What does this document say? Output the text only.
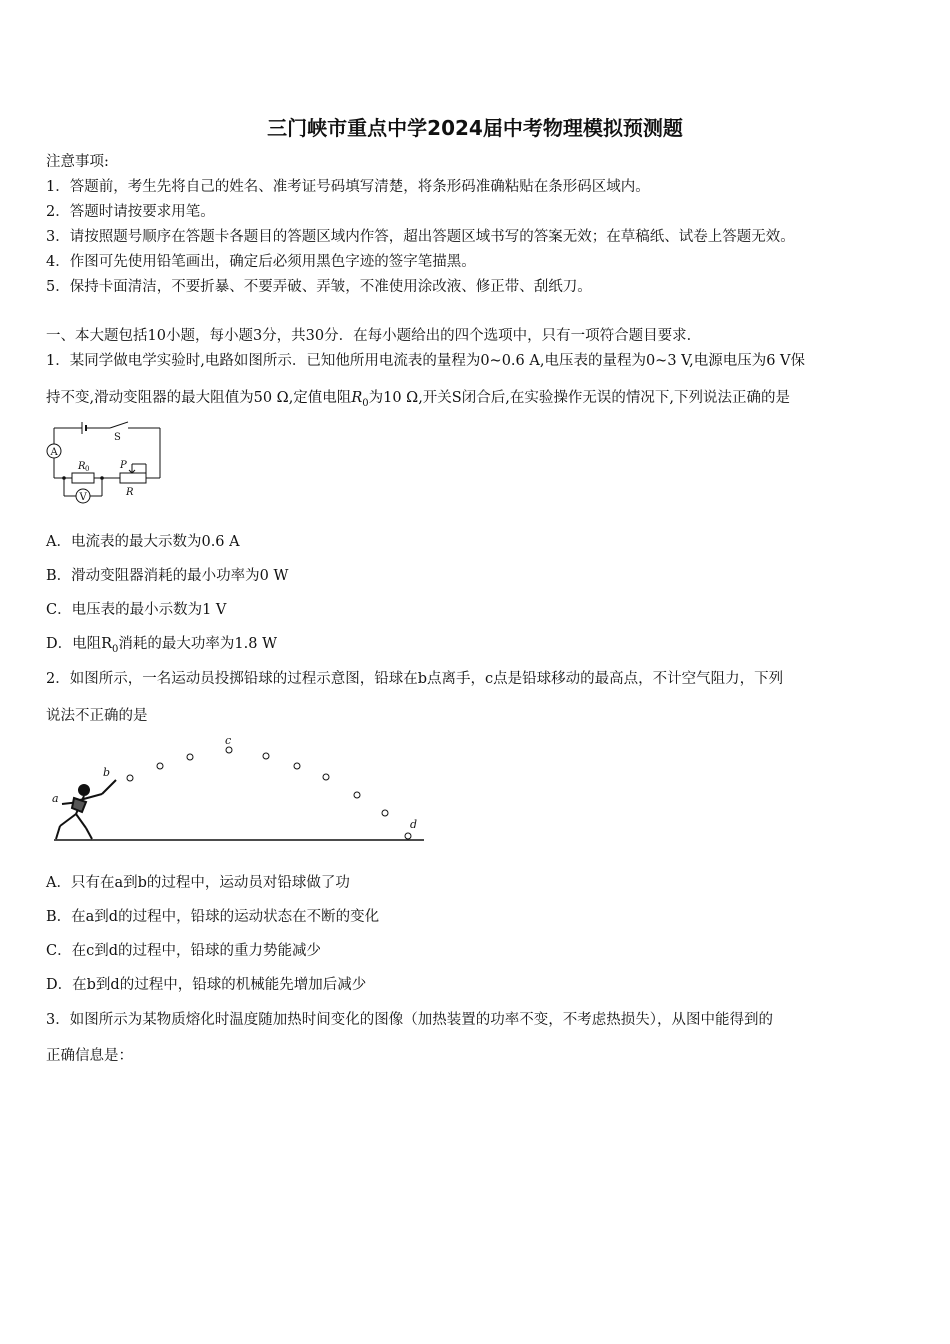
三门峡市重点中学2024届中考物理模拟预测题
注意事项:
1．答题前，考生先将自己的姓名、准考证号码填写清楚，将条形码准确粘贴在条形码区域内。
2．答题时请按要求用笔。
3．请按照题号顺序在答题卡各题目的答题区域内作答，超出答题区域书写的答案无效；在草稿纸、试卷上答题无效。
4．作图可先使用铅笔画出，确定后必须用黑色字迹的签字笔描黑。
5．保持卡面清洁，不要折暴、不要弄破、弄皱，不准使用涂改液、修正带、刮纸刀。
一、本大题包括10小题，每小题3分，共30分．在每小题给出的四个选项中，只有一项符合题目要求．
1．某同学做电学实验时,电路如图所示．已知他所用电流表的量程为0~0.6 A,电压表的量程为0~3 V,电源电压为6 V保
持不变,滑动变阻器的最大阻值为50 Ω,定值电阻$R_0$为10 Ω,开关S闭合后,在实验操作无误的情况下,下列说法正确的是
A
V
S
R 0	P
R
A．电流表的最大示数为0.6 A
B．滑动变阻器消耗的最小功率为0 W
C．电压表的最小示数为1 V
D．电阻$R_0$消耗的最大功率为1.8 W
2．如图所示，一名运动员投掷铅球的过程示意图，铅球在b点离手，c点是铅球移动的最高点，不计空气阻力，下列
说法不正确的是
a
b
c
d
A．只有在a到b的过程中，运动员对铅球做了功
B．在a到d的过程中，铅球的运动状态在不断的变化
C．在c到d的过程中，铅球的重力势能减少
D．在b到d的过程中，铅球的机械能先增加后减少
3．如图所示为某物质熔化时温度随加热时间变化的图像（加热装置的功率不变，不考虑热损失），从图中能得到的
正确信息是：
